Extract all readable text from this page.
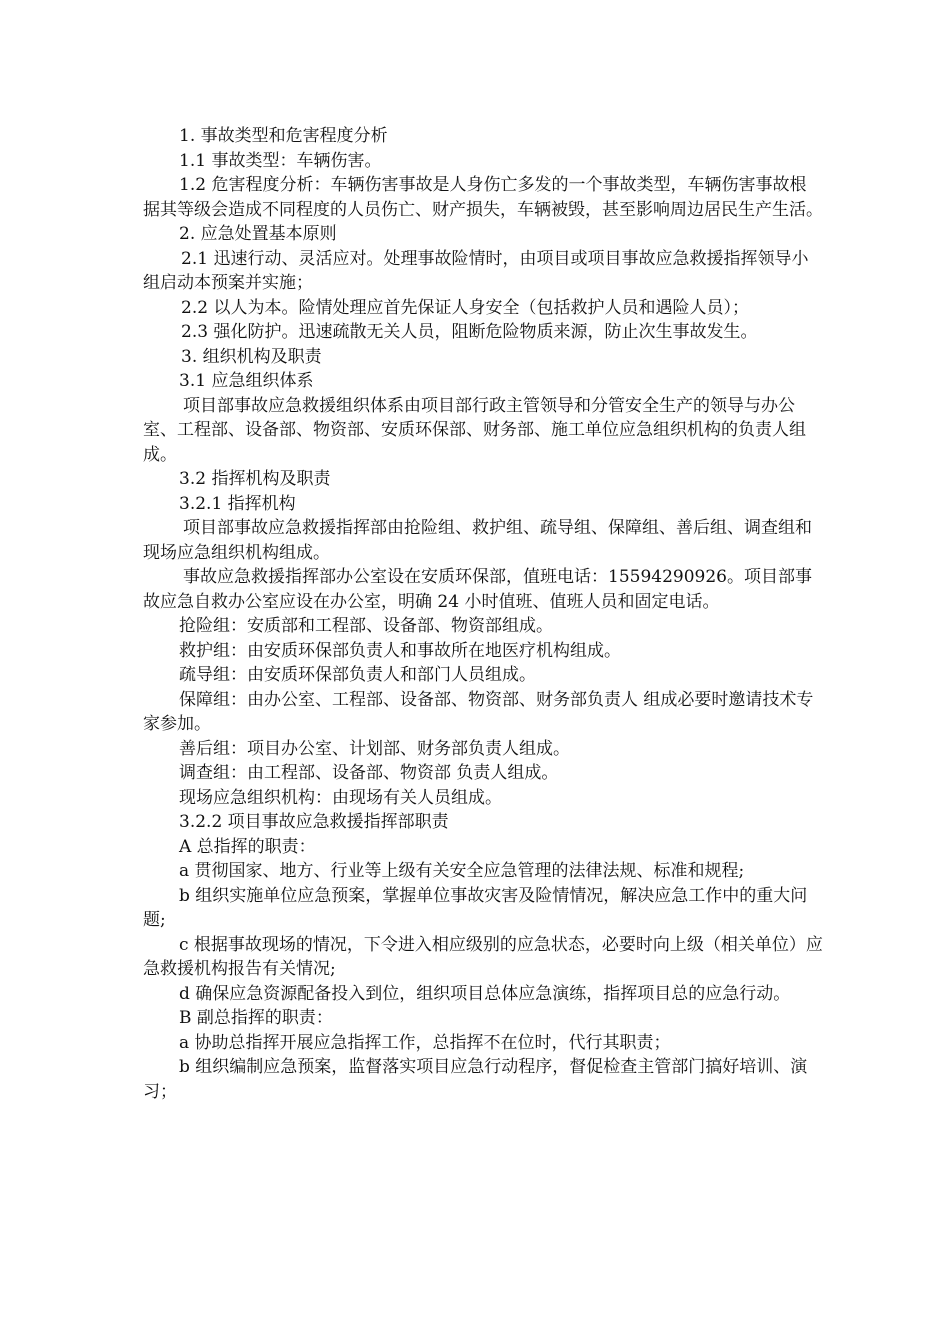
1. 事故类型和危害程度分析

1.1 事故类型：车辆伤害。

1.2 危害程度分析：车辆伤害事故是人身伤亡多发的一个事故类型，车辆伤害事故根据其等级会造成不同程度的人员伤亡、财产损失，车辆被毁，甚至影响周边居民生产生活。

2. 应急处置基本原则

2.1 迅速行动、灵活应对。处理事故险情时，由项目或项目事故应急救援指挥领导小组启动本预案并实施；

2.2 以人为本。险情处理应首先保证人身安全（包括救护人员和遇险人员）；

2.3 强化防护。迅速疏散无关人员，阻断危险物质来源，防止次生事故发生。

3. 组织机构及职责

3.1 应急组织体系

项目部事故应急救援组织体系由项目部行政主管领导和分管安全生产的领导与办公室、工程部、设备部、物资部、安质环保部、财务部、施工单位应急组织机构的负责人组成。

3.2 指挥机构及职责

3.2.1 指挥机构

项目部事故应急救援指挥部由抢险组、救护组、疏导组、保障组、善后组、调查组和现场应急组织机构组成。

事故应急救援指挥部办公室设在安质环保部，值班电话：15594290926。项目部事故应急自救办公室应设在办公室，明确 24 小时值班、值班人员和固定电话。

抢险组：安质部和工程部、设备部、物资部组成。

救护组：由安质环保部负责人和事故所在地医疗机构组成。

疏导组：由安质环保部负责人和部门人员组成。

保障组：由办公室、工程部、设备部、物资部、财务部负责人 组成必要时邀请技术专家参加。

善后组：项目办公室、计划部、财务部负责人组成。

调查组：由工程部、设备部、物资部 负责人组成。

现场应急组织机构：由现场有关人员组成。

3.2.2 项目事故应急救援指挥部职责

A 总指挥的职责：

a 贯彻国家、地方、行业等上级有关安全应急管理的法律法规、标准和规程;

b 组织实施单位应急预案，掌握单位事故灾害及险情情况，解决应急工作中的重大问题;

c 根据事故现场的情况，下令进入相应级别的应急状态，必要时向上级（相关单位）应急救援机构报告有关情况;

d 确保应急资源配备投入到位，组织项目总体应急演练，指挥项目总的应急行动。

B 副总指挥的职责：

a 协助总指挥开展应急指挥工作，总指挥不在位时，代行其职责；

b 组织编制应急预案，监督落实项目应急行动程序，督促检查主管部门搞好培训、演习；
